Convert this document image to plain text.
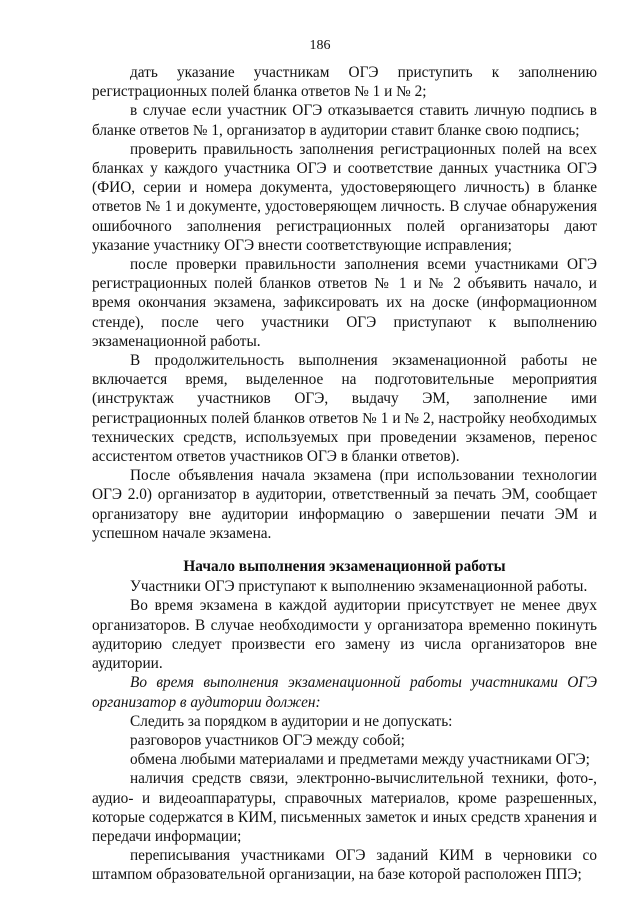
186

дать указание участникам ОГЭ приступить к заполнению регистрационных полей бланка ответов № 1 и № 2;

в случае если участник ОГЭ отказывается ставить личную подпись в бланке ответов № 1, организатор в аудитории ставит бланке свою подпись;

проверить правильность заполнения регистрационных полей на всех бланках у каждого участника ОГЭ и соответствие данных участника ОГЭ (ФИО, серии и номера документа, удостоверяющего личность) в бланке ответов № 1 и документе, удостоверяющем личность. В случае обнаружения ошибочного заполнения регистрационных полей организаторы дают указание участнику ОГЭ внести соответствующие исправления;

после проверки правильности заполнения всеми участниками ОГЭ регистрационных полей бланков ответов № 1 и № 2 объявить начало, и время окончания экзамена, зафиксировать их на доске (информационном стенде), после чего участники ОГЭ приступают к выполнению экзаменационной работы.

В продолжительность выполнения экзаменационной работы не включается время, выделенное на подготовительные мероприятия (инструктаж участников ОГЭ, выдачу ЭМ, заполнение ими регистрационных полей бланков ответов № 1 и № 2, настройку необходимых технических средств, используемых при проведении экзаменов, перенос ассистентом ответов участников ОГЭ в бланки ответов).

После объявления начала экзамена (при использовании технологии ОГЭ 2.0) организатор в аудитории, ответственный за печать ЭМ, сообщает организатору вне аудитории информацию о завершении печати ЭМ и успешном начале экзамена.

Начало выполнения экзаменационной работы

Участники ОГЭ приступают к выполнению экзаменационной работы.

Во время экзамена в каждой аудитории присутствует не менее двух организаторов. В случае необходимости у организатора временно покинуть аудиторию следует произвести его замену из числа организаторов вне аудитории.

Во время выполнения экзаменационной работы участниками ОГЭ организатор в аудитории должен:

Следить за порядком в аудитории и не допускать:

разговоров участников ОГЭ между собой;

обмена любыми материалами и предметами между участниками ОГЭ;

наличия средств связи, электронно-вычислительной техники, фото-, аудио- и видеоаппаратуры, справочных материалов, кроме разрешенных, которые содержатся в КИМ, письменных заметок и иных средств хранения и передачи информации;

переписывания участниками ОГЭ заданий КИМ в черновики со штампом образовательной организации, на базе которой расположен ППЭ;
